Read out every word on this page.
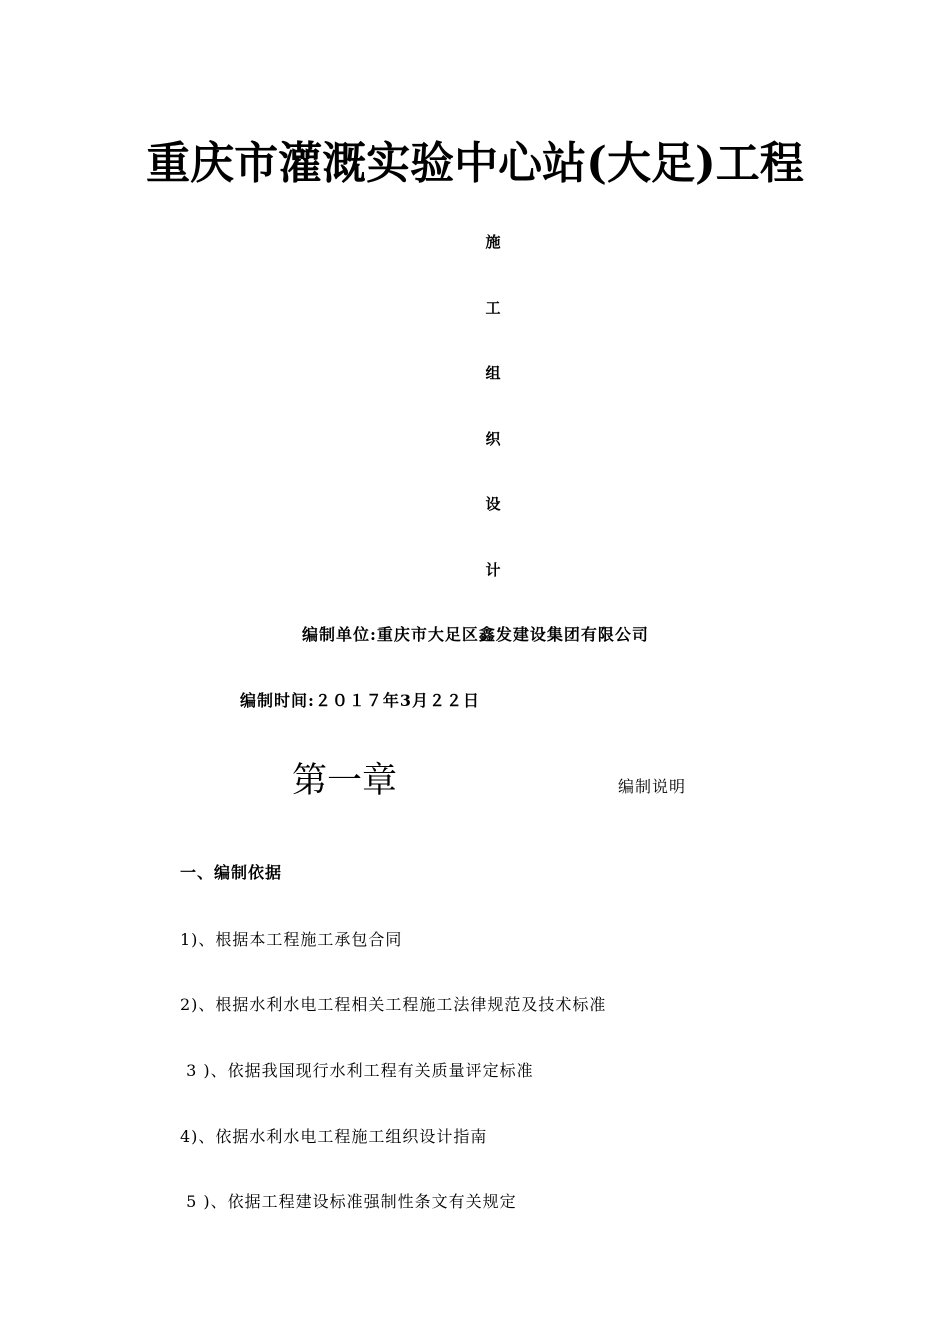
重庆市灌溉实验中心站(大足)工程
施
工
组
织
设
计
编制单位:重庆市大足区鑫发建设集团有限公司
编制时间:２０１７年3月２２日
第一章	编制说明
一、编制依据
1)、根据本工程施工承包合同
2)、根据水利水电工程相关工程施工法律规范及技术标准
3 )、依据我国现行水利工程有关质量评定标准
4)、依据水利水电工程施工组织设计指南
5 )、依据工程建设标准强制性条文有关规定
